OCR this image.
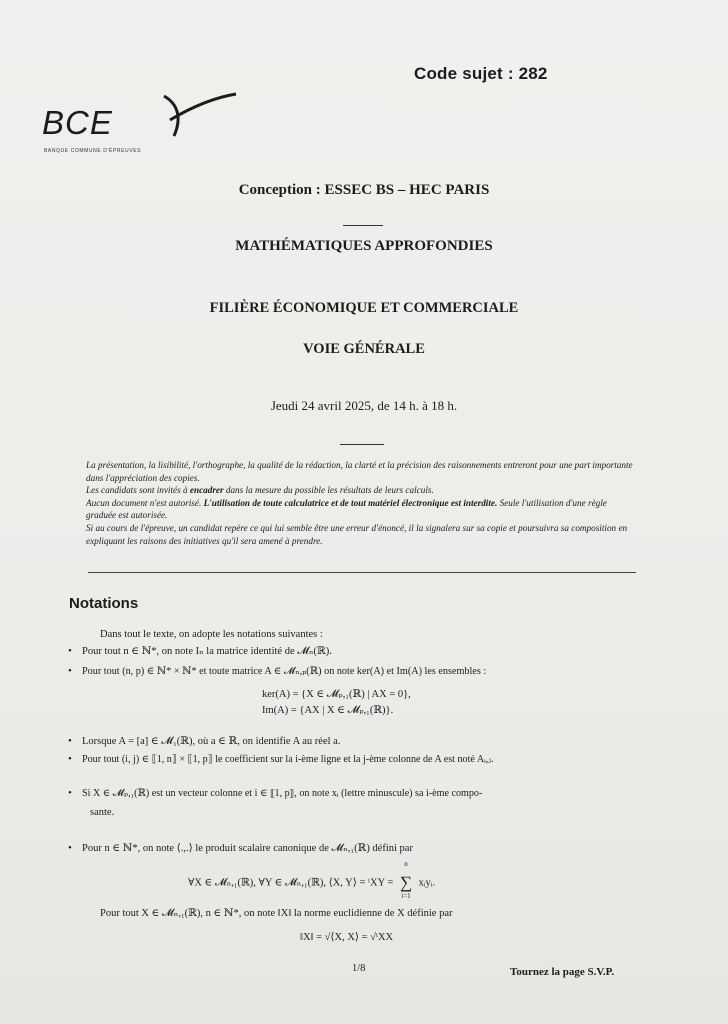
Code sujet : 282
BCE
BANQUE COMMUNE D'ÉPREUVES
Conception : ESSEC BS – HEC PARIS
MATHÉMATIQUES APPROFONDIES
FILIÈRE ÉCONOMIQUE ET COMMERCIALE
VOIE GÉNÉRALE
Jeudi 24 avril 2025, de 14 h. à 18 h.

La présentation, la lisibilité, l'orthographe, la qualité de la rédaction, la clarté et la précision des raisonnements entreront pour une part importante dans l'appréciation des copies.

Les candidats sont invités à encadrer dans la mesure du possible les résultats de leurs calculs.

Aucun document n'est autorisé. L'utilisation de toute calculatrice et de tout matériel électronique est interdite. Seule l'utilisation d'une règle graduée est autorisée.

Si au cours de l'épreuve, un candidat repère ce qui lui semble être une erreur d'énoncé, il la signalera sur sa copie et poursuivra sa composition en expliquant les raisons des initiatives qu'il sera amené à prendre.

Notations
Dans tout le texte, on adopte les notations suivantes :
• Pour tout n ∈ ℕ*, on note Iₙ la matrice identité de 𝓜ₙ(ℝ).
• Pour tout (n, p) ∈ ℕ* × ℕ* et toute matrice A ∈ 𝓜ₙ,ₚ(ℝ) on note ker(A) et Im(A) les ensembles :
ker(A) = {X ∈ 𝓜ₚ,₁(ℝ) | AX = 0},
Im(A) = {AX | X ∈ 𝓜ₚ,₁(ℝ)}.
• Lorsque A = [a] ∈ 𝓜₁(ℝ), où a ∈ ℝ, on identifie A au réel a.
• Pour tout (i, j) ∈ ⟦1, n⟧ × ⟦1, p⟧ le coefficient sur la i-ème ligne et la j-ème colonne de A est noté Aᵢ,ⱼ.
• Si X ∈ 𝓜ₚ,₁(ℝ) est un vecteur colonne et i ∈ ⟦1, p⟧, on note xᵢ (lettre minuscule) sa i-ème compo-
sante.
• Pour n ∈ ℕ*, on note ⟨.,.⟩ le produit scalaire canonique de 𝓜ₙ,₁(ℝ) défini par
∀X ∈ 𝓜ₙ,₁(ℝ), ∀Y ∈ 𝓜ₙ,₁(ℝ), ⟨X, Y⟩ = ᵗXY =
n
∑
i=1
xᵢyᵢ.
Pour tout X ∈ 𝓜ₙ,₁(ℝ), n ∈ ℕ*, on note ‖X‖ la norme euclidienne de X définie par
‖X‖ = √⟨X, X⟩ = √ᵗXX
1/8	Tournez la page S.V.P.
